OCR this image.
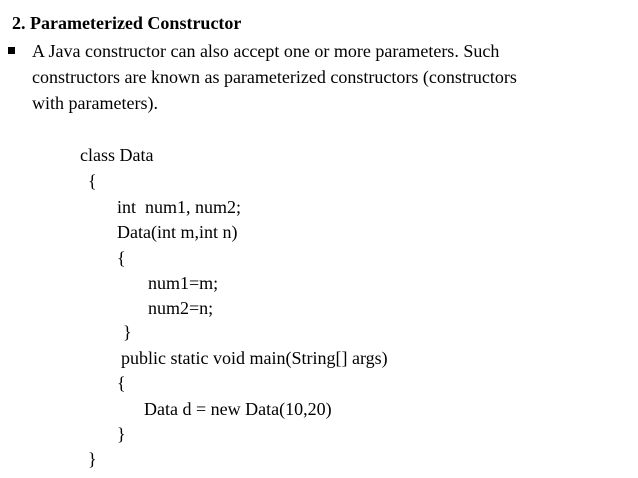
2. Parameterized Constructor
A Java constructor can also accept one or more parameters. Such
constructors are known as parameterized constructors (constructors
with parameters).
class Data
{
int  num1, num2;
Data(int m,int n)
{
num1=m;
num2=n;
}
public static void main(String[] args)
{
Data d = new Data(10,20)
}
}
